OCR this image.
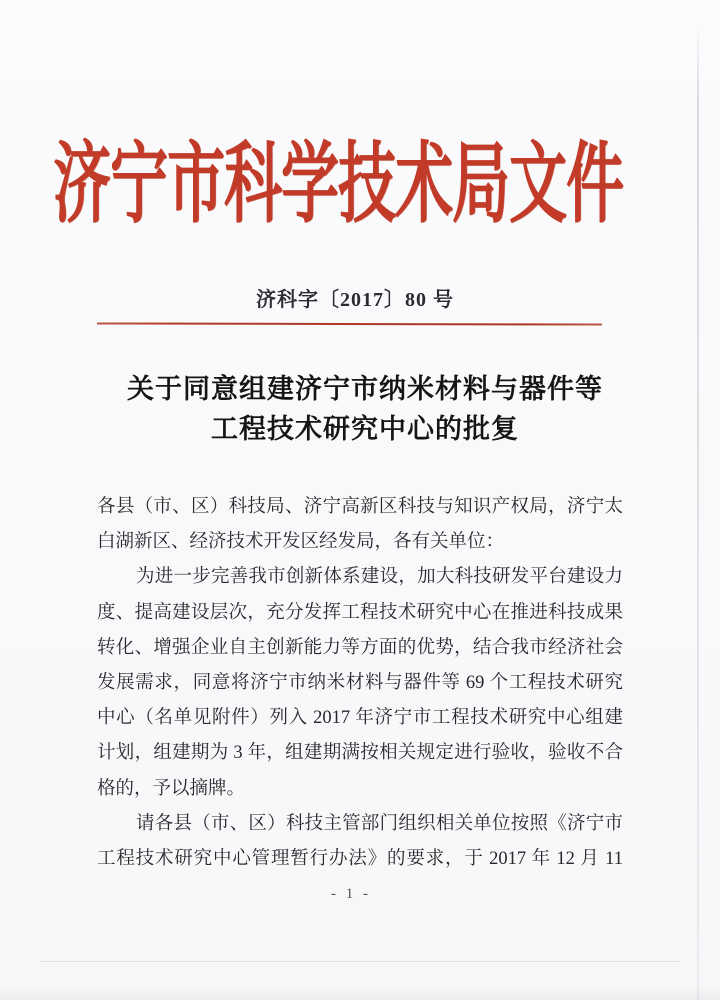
济宁市科学技术局文件
济科字〔2017〕80 号
关于同意组建济宁市纳米材料与器件等
工程技术研究中心的批复
各县（市、区）科技局、济宁高新区科技与知识产权局，济宁太
白湖新区、经济技术开发区经发局，各有关单位：
为进一步完善我市创新体系建设，加大科技研发平台建设力
度、提高建设层次，充分发挥工程技术研究中心在推进科技成果
转化、增强企业自主创新能力等方面的优势，结合我市经济社会
发展需求，同意将济宁市纳米材料与器件等 69 个工程技术研究
中心（名单见附件）列入 2017 年济宁市工程技术研究中心组建
计划，组建期为 3 年，组建期满按相关规定进行验收，验收不合
格的，予以摘牌。
请各县（市、区）科技主管部门组织相关单位按照《济宁市
工程技术研究中心管理暂行办法》的要求，于 2017 年 12 月 11
- 1 -
